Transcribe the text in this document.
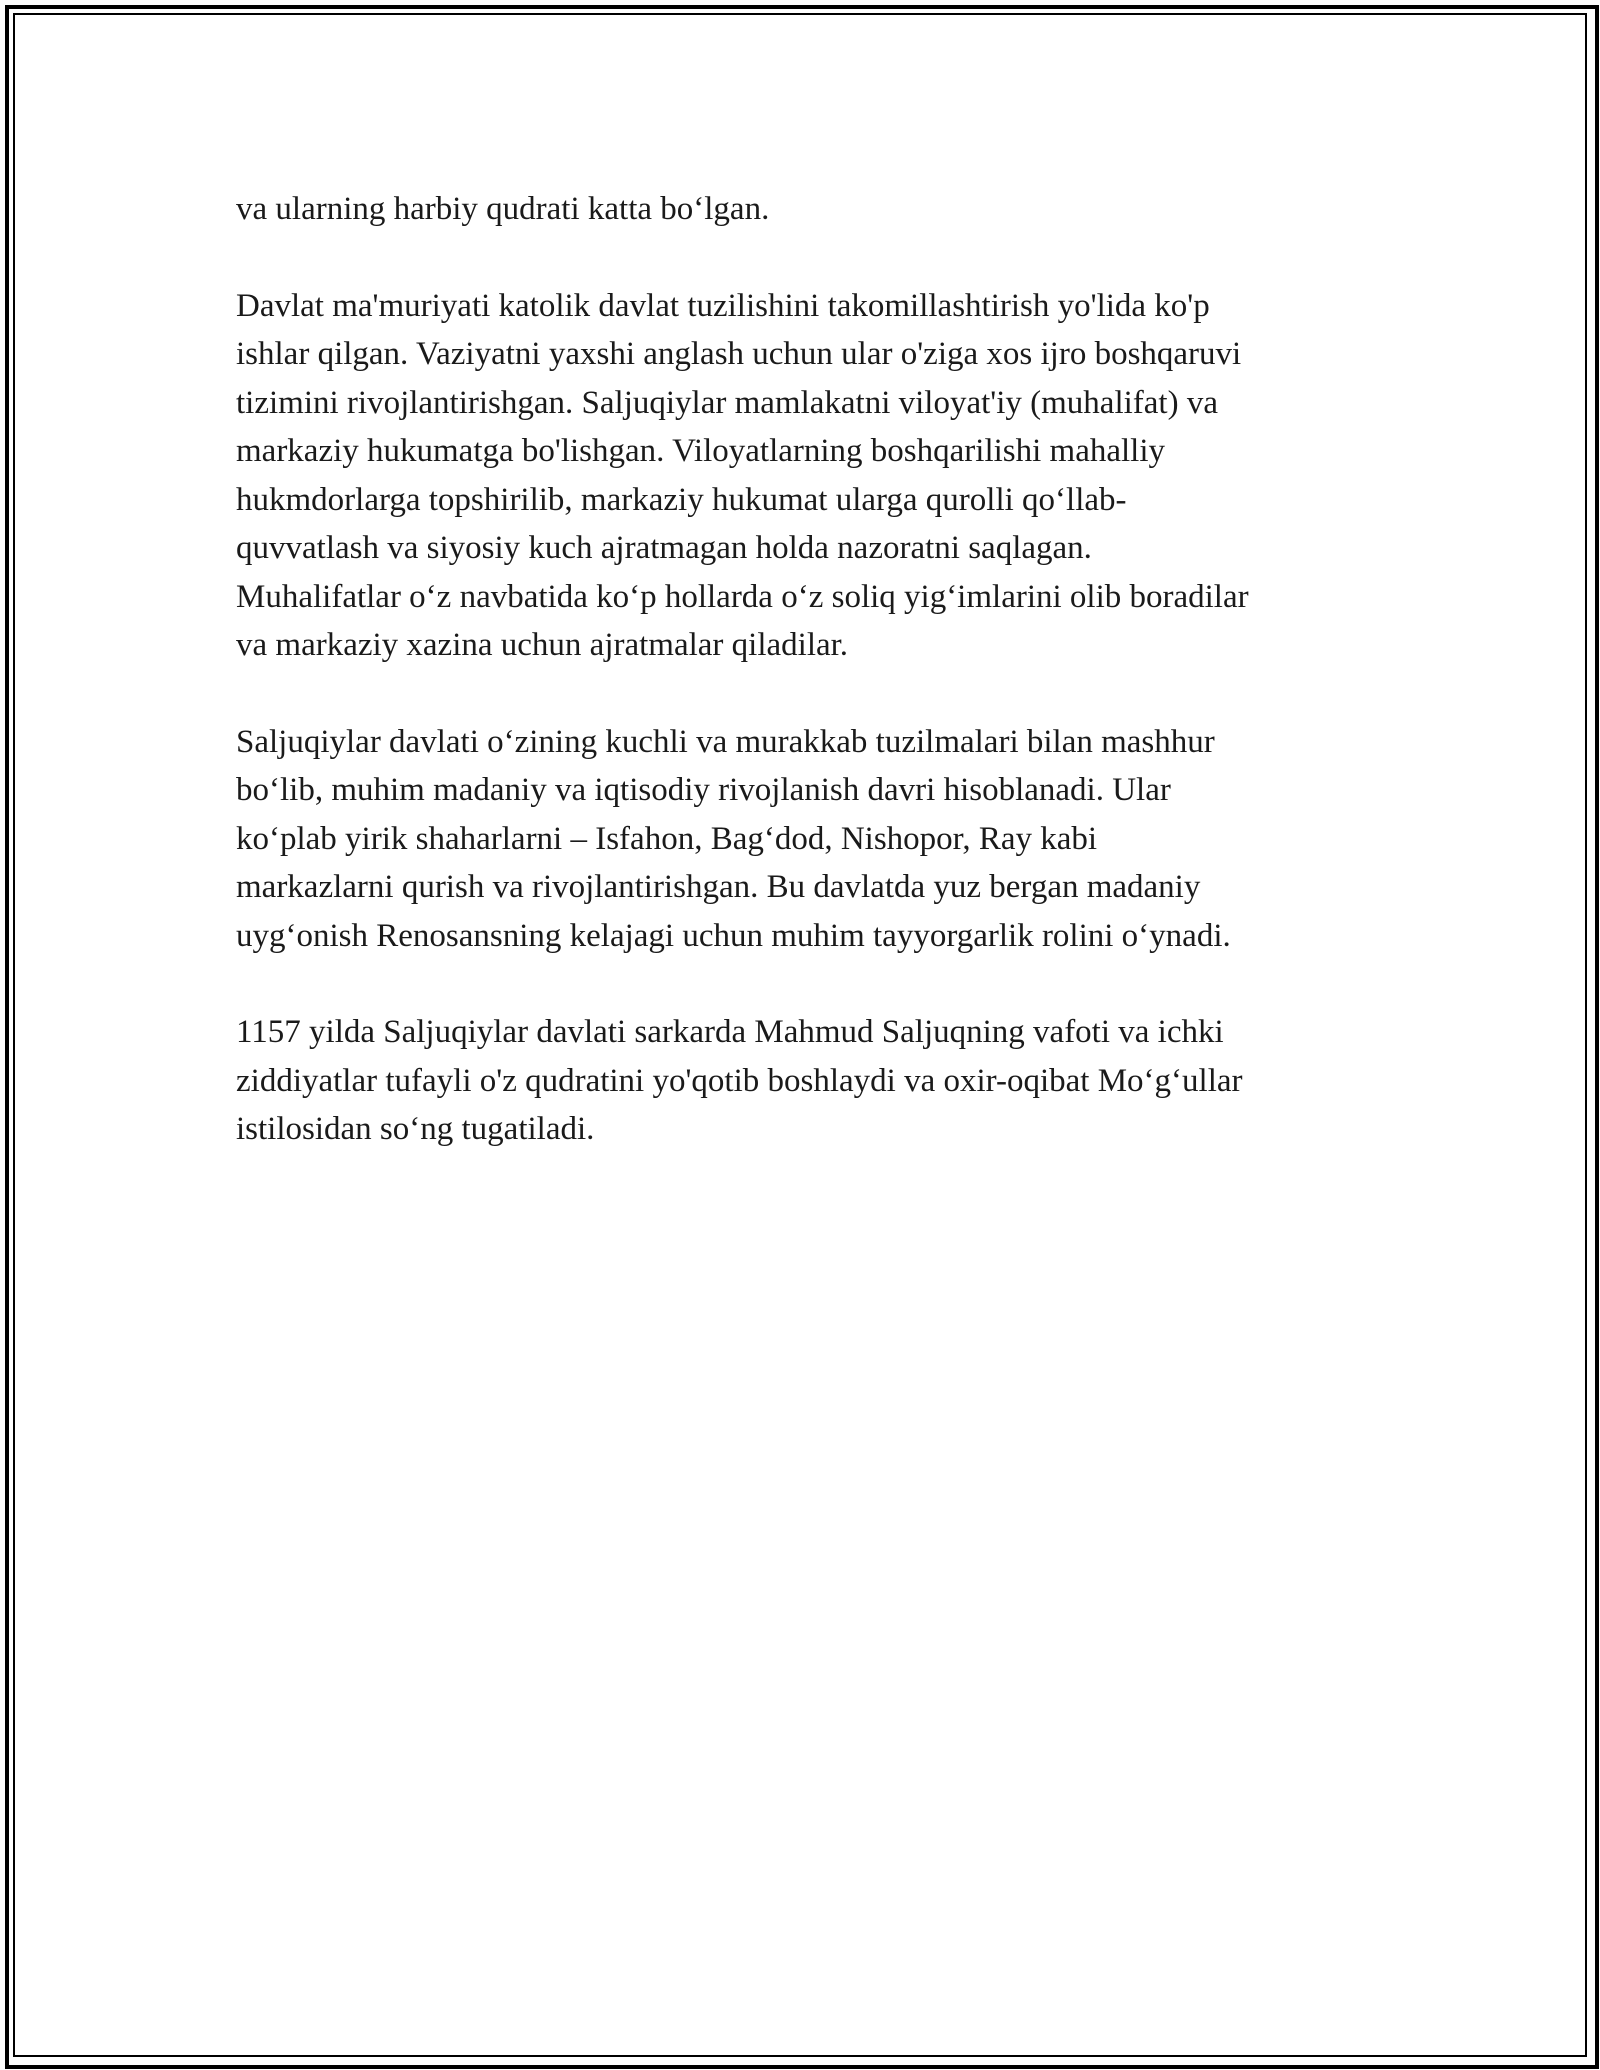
va ularning harbiy qudrati katta bo‘lgan.

Davlat ma'muriyati katolik davlat tuzilishini takomillashtirish yo'lida ko'p
ishlar qilgan. Vaziyatni yaxshi anglash uchun ular o'ziga xos ijro boshqaruvi
tizimini rivojlantirishgan. Saljuqiylar mamlakatni viloyat'iy (muhalifat) va
markaziy hukumatga bo'lishgan. Viloyatlarning boshqarilishi mahalliy
hukmdorlarga topshirilib, markaziy hukumat ularga qurolli qo‘llab-
quvvatlash va siyosiy kuch ajratmagan holda nazoratni saqlagan.
Muhalifatlar o‘z navbatida ko‘p hollarda o‘z soliq yig‘imlarini olib boradilar
va markaziy xazina uchun ajratmalar qiladilar.

Saljuqiylar davlati o‘zining kuchli va murakkab tuzilmalari bilan mashhur
bo‘lib, muhim madaniy va iqtisodiy rivojlanish davri hisoblanadi. Ular
ko‘plab yirik shaharlarni – Isfahon, Bag‘dod, Nishopor, Ray kabi
markazlarni qurish va rivojlantirishgan. Bu davlatda yuz bergan madaniy
uyg‘onish Renosansning kelajagi uchun muhim tayyorgarlik rolini o‘ynadi.

1157 yilda Saljuqiylar davlati sarkarda Mahmud Saljuqning vafoti va ichki
ziddiyatlar tufayli o'z qudratini yo'qotib boshlaydi va oxir-oqibat Mo‘g‘ullar
istilosidan so‘ng tugatiladi.
